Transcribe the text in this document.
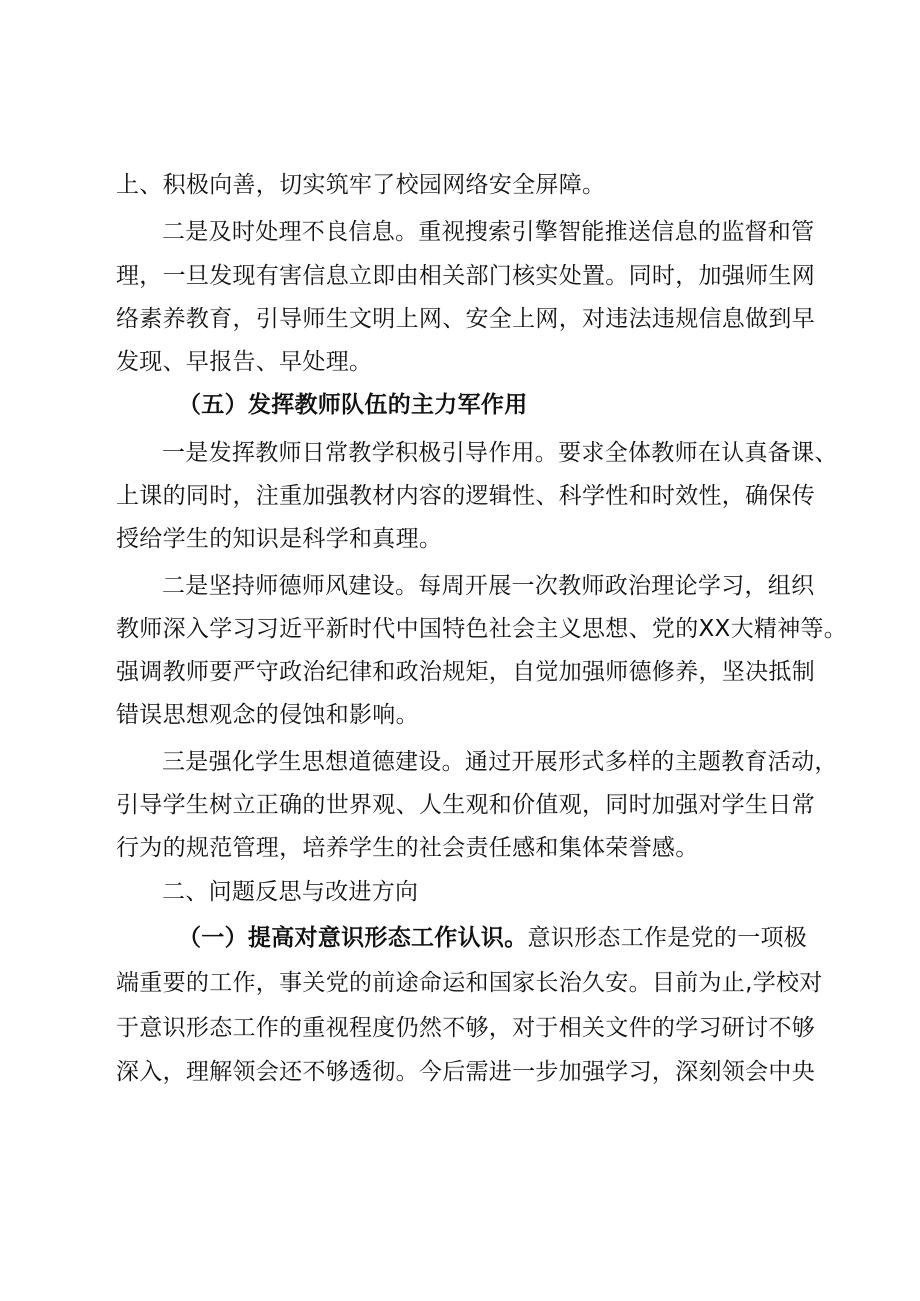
上、积极向善，切实筑牢了校园网络安全屏障。
二是及时处理不良信息。重视搜索引擎智能推送信息的监督和管
理，一旦发现有害信息立即由相关部门核实处置。同时，加强师生网
络素养教育，引导师生文明上网、安全上网，对违法违规信息做到早
发现、早报告、早处理。
（五）发挥教师队伍的主力军作用
一是发挥教师日常教学积极引导作用。要求全体教师在认真备课、
上课的同时，注重加强教材内容的逻辑性、科学性和时效性，确保传
授给学生的知识是科学和真理。
二是坚持师德师风建设。每周开展一次教师政治理论学习，组织
教师深入学习习近平新时代中国特色社会主义思想、党的XX大精神等。
强调教师要严守政治纪律和政治规矩，自觉加强师德修养，坚决抵制
错误思想观念的侵蚀和影响。
三是强化学生思想道德建设。通过开展形式多样的主题教育活动，
引导学生树立正确的世界观、人生观和价值观，同时加强对学生日常
行为的规范管理，培养学生的社会责任感和集体荣誉感。
二、问题反思与改进方向
（一）提高对意识形态工作认识。意识形态工作是党的一项极
端重要的工作，事关党的前途命运和国家长治久安。目前为止,学校对
于意识形态工作的重视程度仍然不够，对于相关文件的学习研讨不够
深入，理解领会还不够透彻。今后需进一步加强学习，深刻领会中央
